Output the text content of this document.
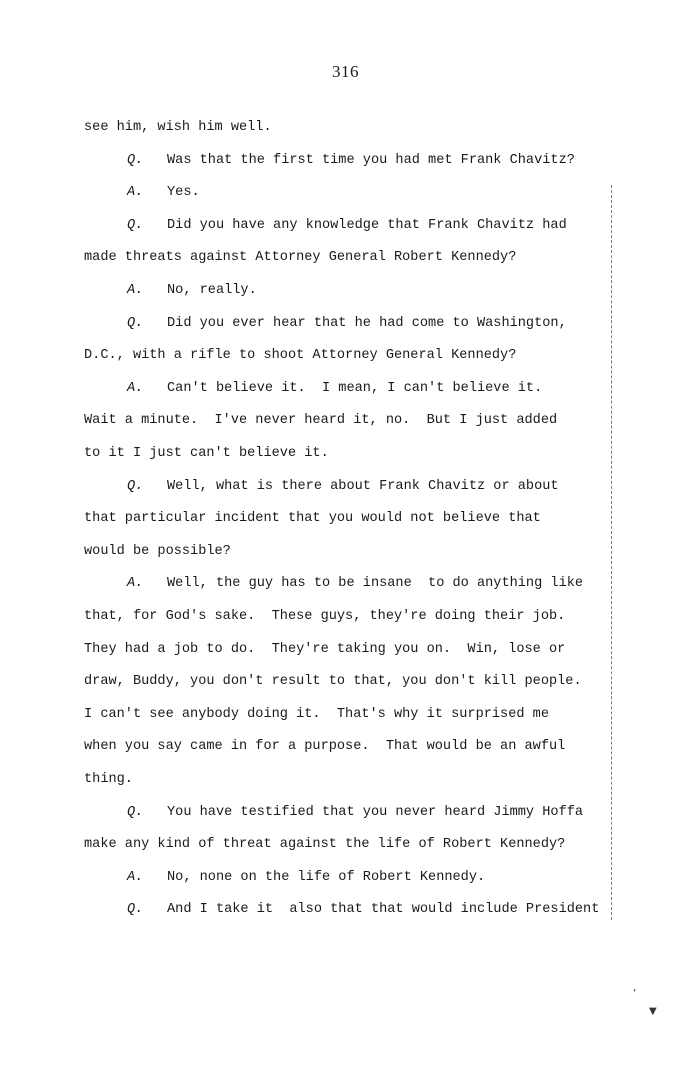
316
see him, wish him well.
Q. Was that the first time you had met Frank Chavitz?
A. Yes.
Q. Did you have any knowledge that Frank Chavitz had
made threats against Attorney General Robert Kennedy?
A. No, really.
Q. Did you ever hear that he had come to Washington,
D.C., with a rifle to shoot Attorney General Kennedy?
A. Can't believe it.  I mean, I can't believe it.
Wait a minute.  I've never heard it, no.  But I just added
to it I just can't believe it.
Q. Well, what is there about Frank Chavitz or about
that particular incident that you would not believe that
would be possible?
A. Well, the guy has to be insane  to do anything like
that, for God's sake.  These guys, they're doing their job.
They had a job to do.  They're taking you on.  Win, lose or
draw, Buddy, you don't result to that, you don't kill people.
I can't see anybody doing it.  That's why it surprised me
when you say came in for a purpose.  That would be an awful
thing.
Q. You have testified that you never heard Jimmy Hoffa
make any kind of threat against the life of Robert Kennedy?
A. No, none on the life of Robert Kennedy.
Q. And I take it  also that that would include President
‘
▼
